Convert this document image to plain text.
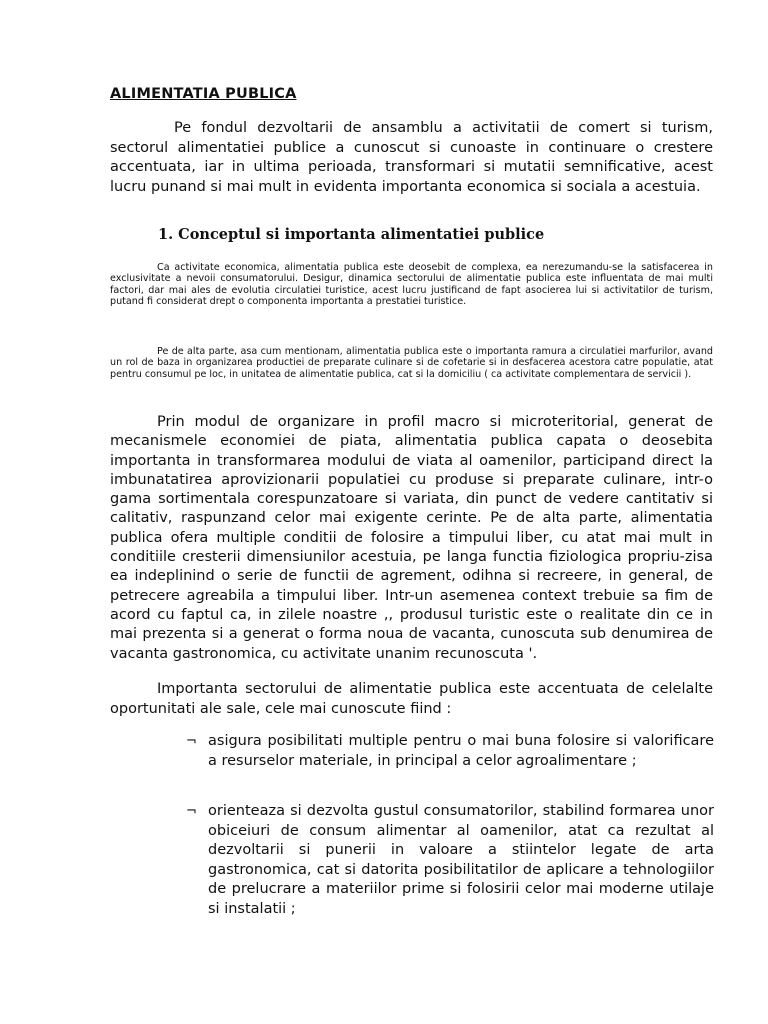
ALIMENTATIA PUBLICA

Pe fondul dezvoltarii de ansamblu a activitatii de comert si turism, sectorul alimentatiei publice a cunoscut si cunoaste in continuare o crestere accentuata, iar in ultima perioada, transformari si mutatii semnificative, acest lucru punand si mai mult in evidenta importanta economica si sociala a acestuia.

1. Conceptul si importanta alimentatiei publice

Ca activitate economica, alimentatia publica este deosebit de complexa, ea nerezumandu-se la satisfacerea in exclusivitate a nevoii consumatorului. Desigur, dinamica sectorului de alimentatie publica este influentata de mai multi factori, dar mai ales de evolutia circulatiei turistice, acest lucru justificand de fapt asocierea lui si activitatilor de turism, putand fi considerat drept o componenta importanta a prestatiei turistice.

Pe de alta parte, asa cum mentionam, alimentatia publica este o importanta ramura a circulatiei marfurilor, avand un rol de baza in organizarea productiei de preparate culinare si de cofetarie si in desfacerea acestora catre populatie, atat pentru consumul pe loc, in unitatea de alimentatie publica, cat si la domiciliu ( ca activitate complementara de servicii ).

Prin modul de organizare in profil macro si microteritorial, generat de mecanismele economiei de piata, alimentatia publica capata o deosebita importanta in transformarea modului de viata al oamenilor, participand direct la imbunatatirea aprovizionarii populatiei cu produse si preparate culinare, intr-o gama sortimentala corespunzatoare si variata, din punct de vedere cantitativ si calitativ, raspunzand celor mai exigente cerinte. Pe de alta parte, alimentatia publica ofera multiple conditii de folosire a timpului liber, cu atat mai mult in conditiile cresterii dimensiunilor acestuia, pe langa functia fiziologica propriu-zisa ea indeplinind o serie de functii de agrement, odihna si recreere, in general, de petrecere agreabila a timpului liber. Intr-un asemenea context trebuie sa fim de acord cu faptul ca, in zilele noastre ,, produsul turistic este o realitate din ce in mai prezenta si a generat o forma noua de vacanta, cunoscuta sub denumirea de vacanta gastronomica, cu activitate unanim recunoscuta '.

Importanta sectorului de alimentatie publica este accentuata de celelalte oportunitati ale sale, cele mai cunoscute fiind :

¬ asigura posibilitati multiple pentru o mai buna folosire si valorificare a resurselor materiale, in principal a celor agroalimentare ;

¬ orienteaza si dezvolta gustul consumatorilor, stabilind formarea unor obiceiuri de consum alimentar al oamenilor, atat ca rezultat al dezvoltarii si punerii in valoare a stiintelor legate de arta gastronomica, cat si datorita posibilitatilor de aplicare a tehnologiilor de prelucrare a materiilor prime si folosirii celor mai moderne utilaje si instalatii ;
